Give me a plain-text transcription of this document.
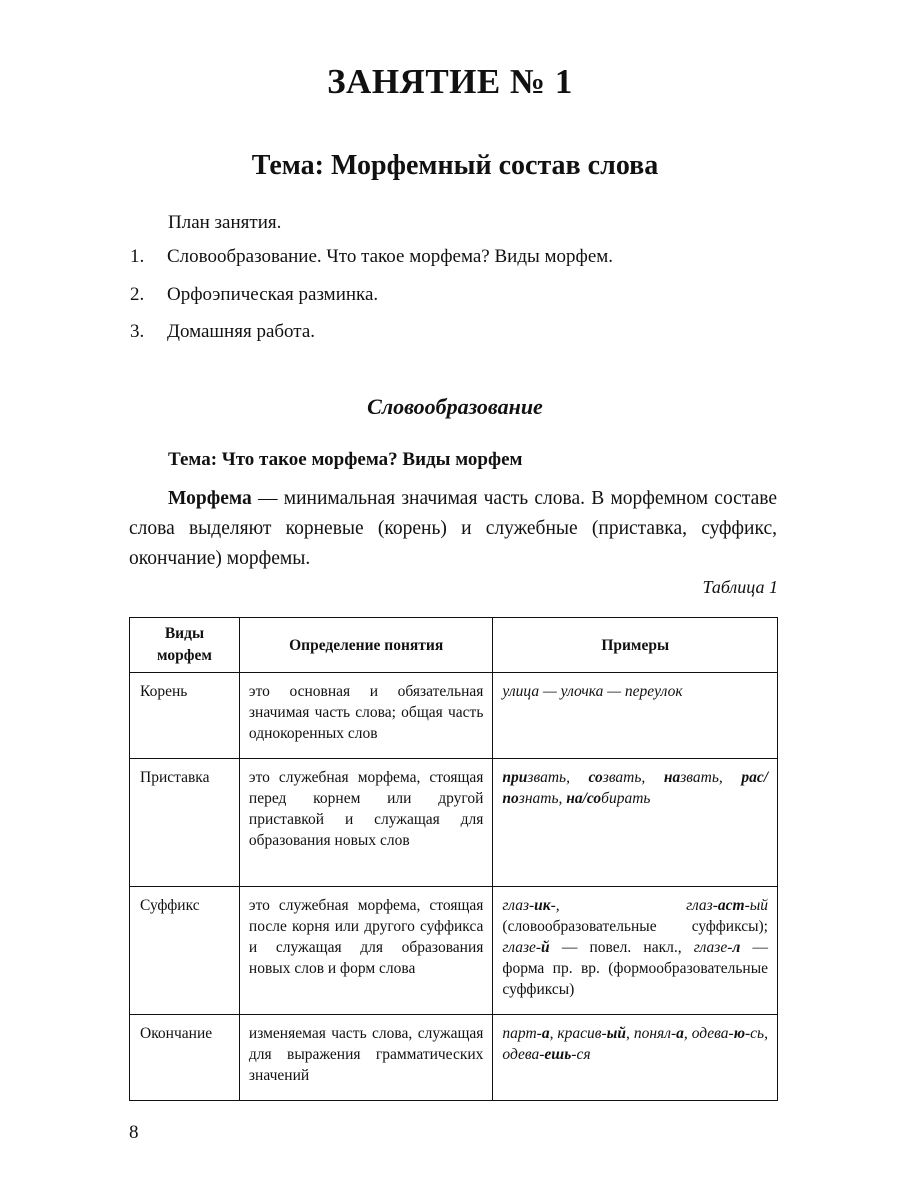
ЗАНЯТИЕ № 1
Тема: Морфемный состав слова
План занятия.
1.	Словообразование. Что такое морфема? Виды морфем.
2.	Орфоэпическая разминка.
3.	Домашняя работа.
Словообразование
Тема: Что такое морфема? Виды морфем

Морфема — минимальная значимая часть слова. В морфемном составе слова выделяют корневые (корень) и служебные (приставка, суффикс, окончание) морфемы.

Таблица 1
Виды морфем	Определение понятия	Примеры
Корень	это основная и обязательная значимая часть слова; общая часть однокоренных слов	улица — улочка — переулок
Приставка	это служебная морфема, стоящая перед корнем или другой приставкой и служащая для образования новых слов	призвать, созвать, назвать, рас/познать, на/собирать
Суффикс	это служебная морфема, стоящая после корня или другого суффикса и служащая для образования новых слов и форм слова	глаз-ик-, глаз-аст-ый (словообразовательные суффиксы); глазе-й — повел. накл., глазе-л — форма пр. вр. (формообразовательные суффиксы)
Окончание	изменяемая часть слова, служащая для выражения грамматических значений	парт-а, красив-ый, понял-а, одева-ю-сь, одева-ешь-ся
8
